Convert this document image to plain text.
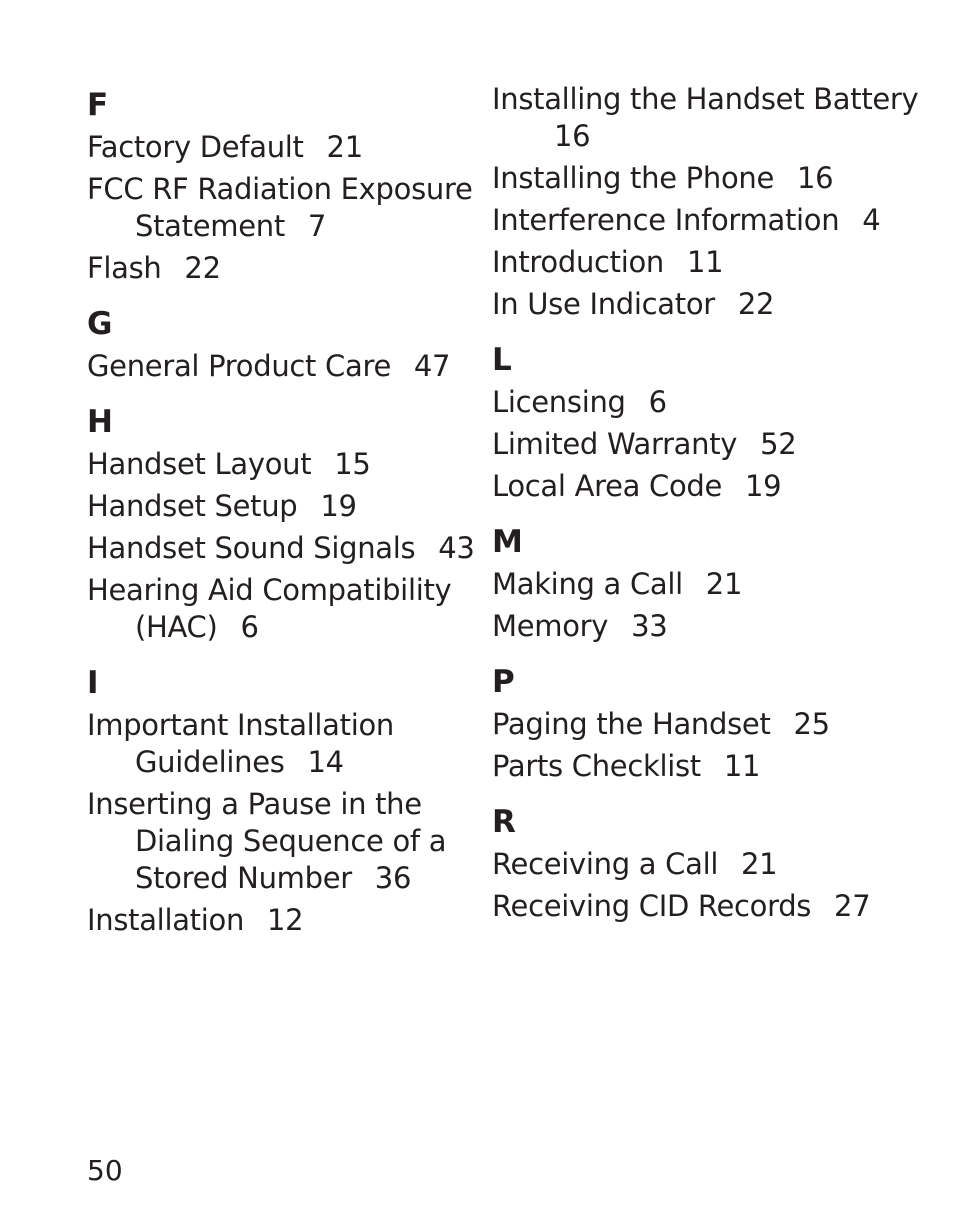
F
Factory Default 21
FCC RF Radiation Exposure Statement 7
Flash 22
G
General Product Care 47
H
Handset Layout 15
Handset Setup 19
Handset Sound Signals 43
Hearing Aid Compatibility (HAC) 6
I
Important Installation Guidelines 14
Inserting a Pause in the Dialing Sequence of a Stored Number 36
Installation 12
Installing the Handset Battery 16
Installing the Phone 16
Interference Information 4
Introduction 11
In Use Indicator 22
L
Licensing 6
Limited Warranty 52
Local Area Code 19
M
Making a Call 21
Memory 33
P
Paging the Handset 25
Parts Checklist 11
R
Receiving a Call 21
Receiving CID Records 27
50
